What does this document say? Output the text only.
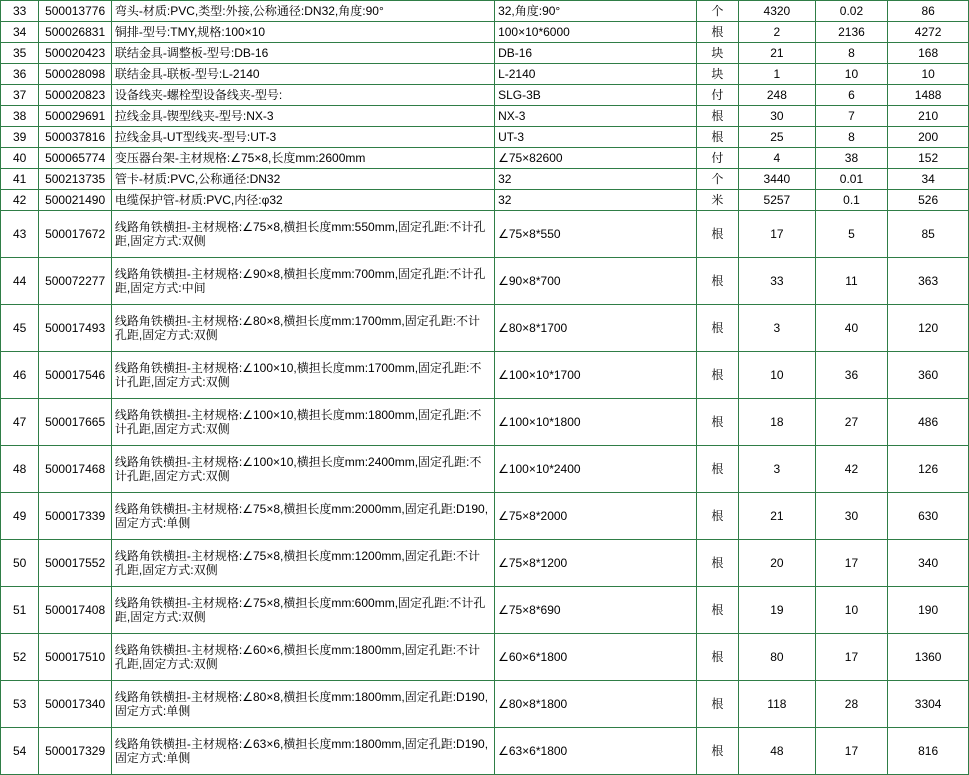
33	500013776	弯头-材质:PVC,类型:外接,公称通径:DN32,角度:90°	32,角度:90°	个	4320	0.02	86
34	500026831	铜排-型号:TMY,规格:100×10	100×10*6000	根	2	2136	4272
35	500020423	联结金具-调整板-型号:DB-16	DB-16	块	21	8	168
36	500028098	联结金具-联板-型号:L-2140	L-2140	块	1	10	10
37	500020823	设备线夹-螺栓型设备线夹-型号:	SLG-3B	付	248	6	1488
38	500029691	拉线金具-锲型线夹-型号:NX-3	NX-3	根	30	7	210
39	500037816	拉线金具-UT型线夹-型号:UT-3	UT-3	根	25	8	200
40	500065774	变压器台架-主材规格:∠75×8,长度mm:2600mm	∠75×82600	付	4	38	152
41	500213735	管卡-材质:PVC,公称通径:DN32	32	个	3440	0.01	34
42	500021490	电缆保护管-材质:PVC,内径:φ32	32	米	5257	0.1	526
43	500017672	线路角铁横担-主材规格:∠75×8,横担长度mm:550mm,固定孔距:不计孔距,固定方式:双侧	∠75×8*550	根	17	5	85
44	500072277	线路角铁横担-主材规格:∠90×8,横担长度mm:700mm,固定孔距:不计孔距,固定方式:中间	∠90×8*700	根	33	11	363
45	500017493	线路角铁横担-主材规格:∠80×8,横担长度mm:1700mm,固定孔距:不计孔距,固定方式:双侧	∠80×8*1700	根	3	40	120
46	500017546	线路角铁横担-主材规格:∠100×10,横担长度mm:1700mm,固定孔距:不计孔距,固定方式:双侧	∠100×10*1700	根	10	36	360
47	500017665	线路角铁横担-主材规格:∠100×10,横担长度mm:1800mm,固定孔距:不计孔距,固定方式:双侧	∠100×10*1800	根	18	27	486
48	500017468	线路角铁横担-主材规格:∠100×10,横担长度mm:2400mm,固定孔距:不计孔距,固定方式:双侧	∠100×10*2400	根	3	42	126
49	500017339	线路角铁横担-主材规格:∠75×8,横担长度mm:2000mm,固定孔距:D190,固定方式:单侧	∠75×8*2000	根	21	30	630
50	500017552	线路角铁横担-主材规格:∠75×8,横担长度mm:1200mm,固定孔距:不计孔距,固定方式:双侧	∠75×8*1200	根	20	17	340
51	500017408	线路角铁横担-主材规格:∠75×8,横担长度mm:600mm,固定孔距:不计孔距,固定方式:双侧	∠75×8*690	根	19	10	190
52	500017510	线路角铁横担-主材规格:∠60×6,横担长度mm:1800mm,固定孔距:不计孔距,固定方式:双侧	∠60×6*1800	根	80	17	1360
53	500017340	线路角铁横担-主材规格:∠80×8,横担长度mm:1800mm,固定孔距:D190,固定方式:单侧	∠80×8*1800	根	118	28	3304
54	500017329	线路角铁横担-主材规格:∠63×6,横担长度mm:1800mm,固定孔距:D190,固定方式:单侧	∠63×6*1800	根	48	17	816
